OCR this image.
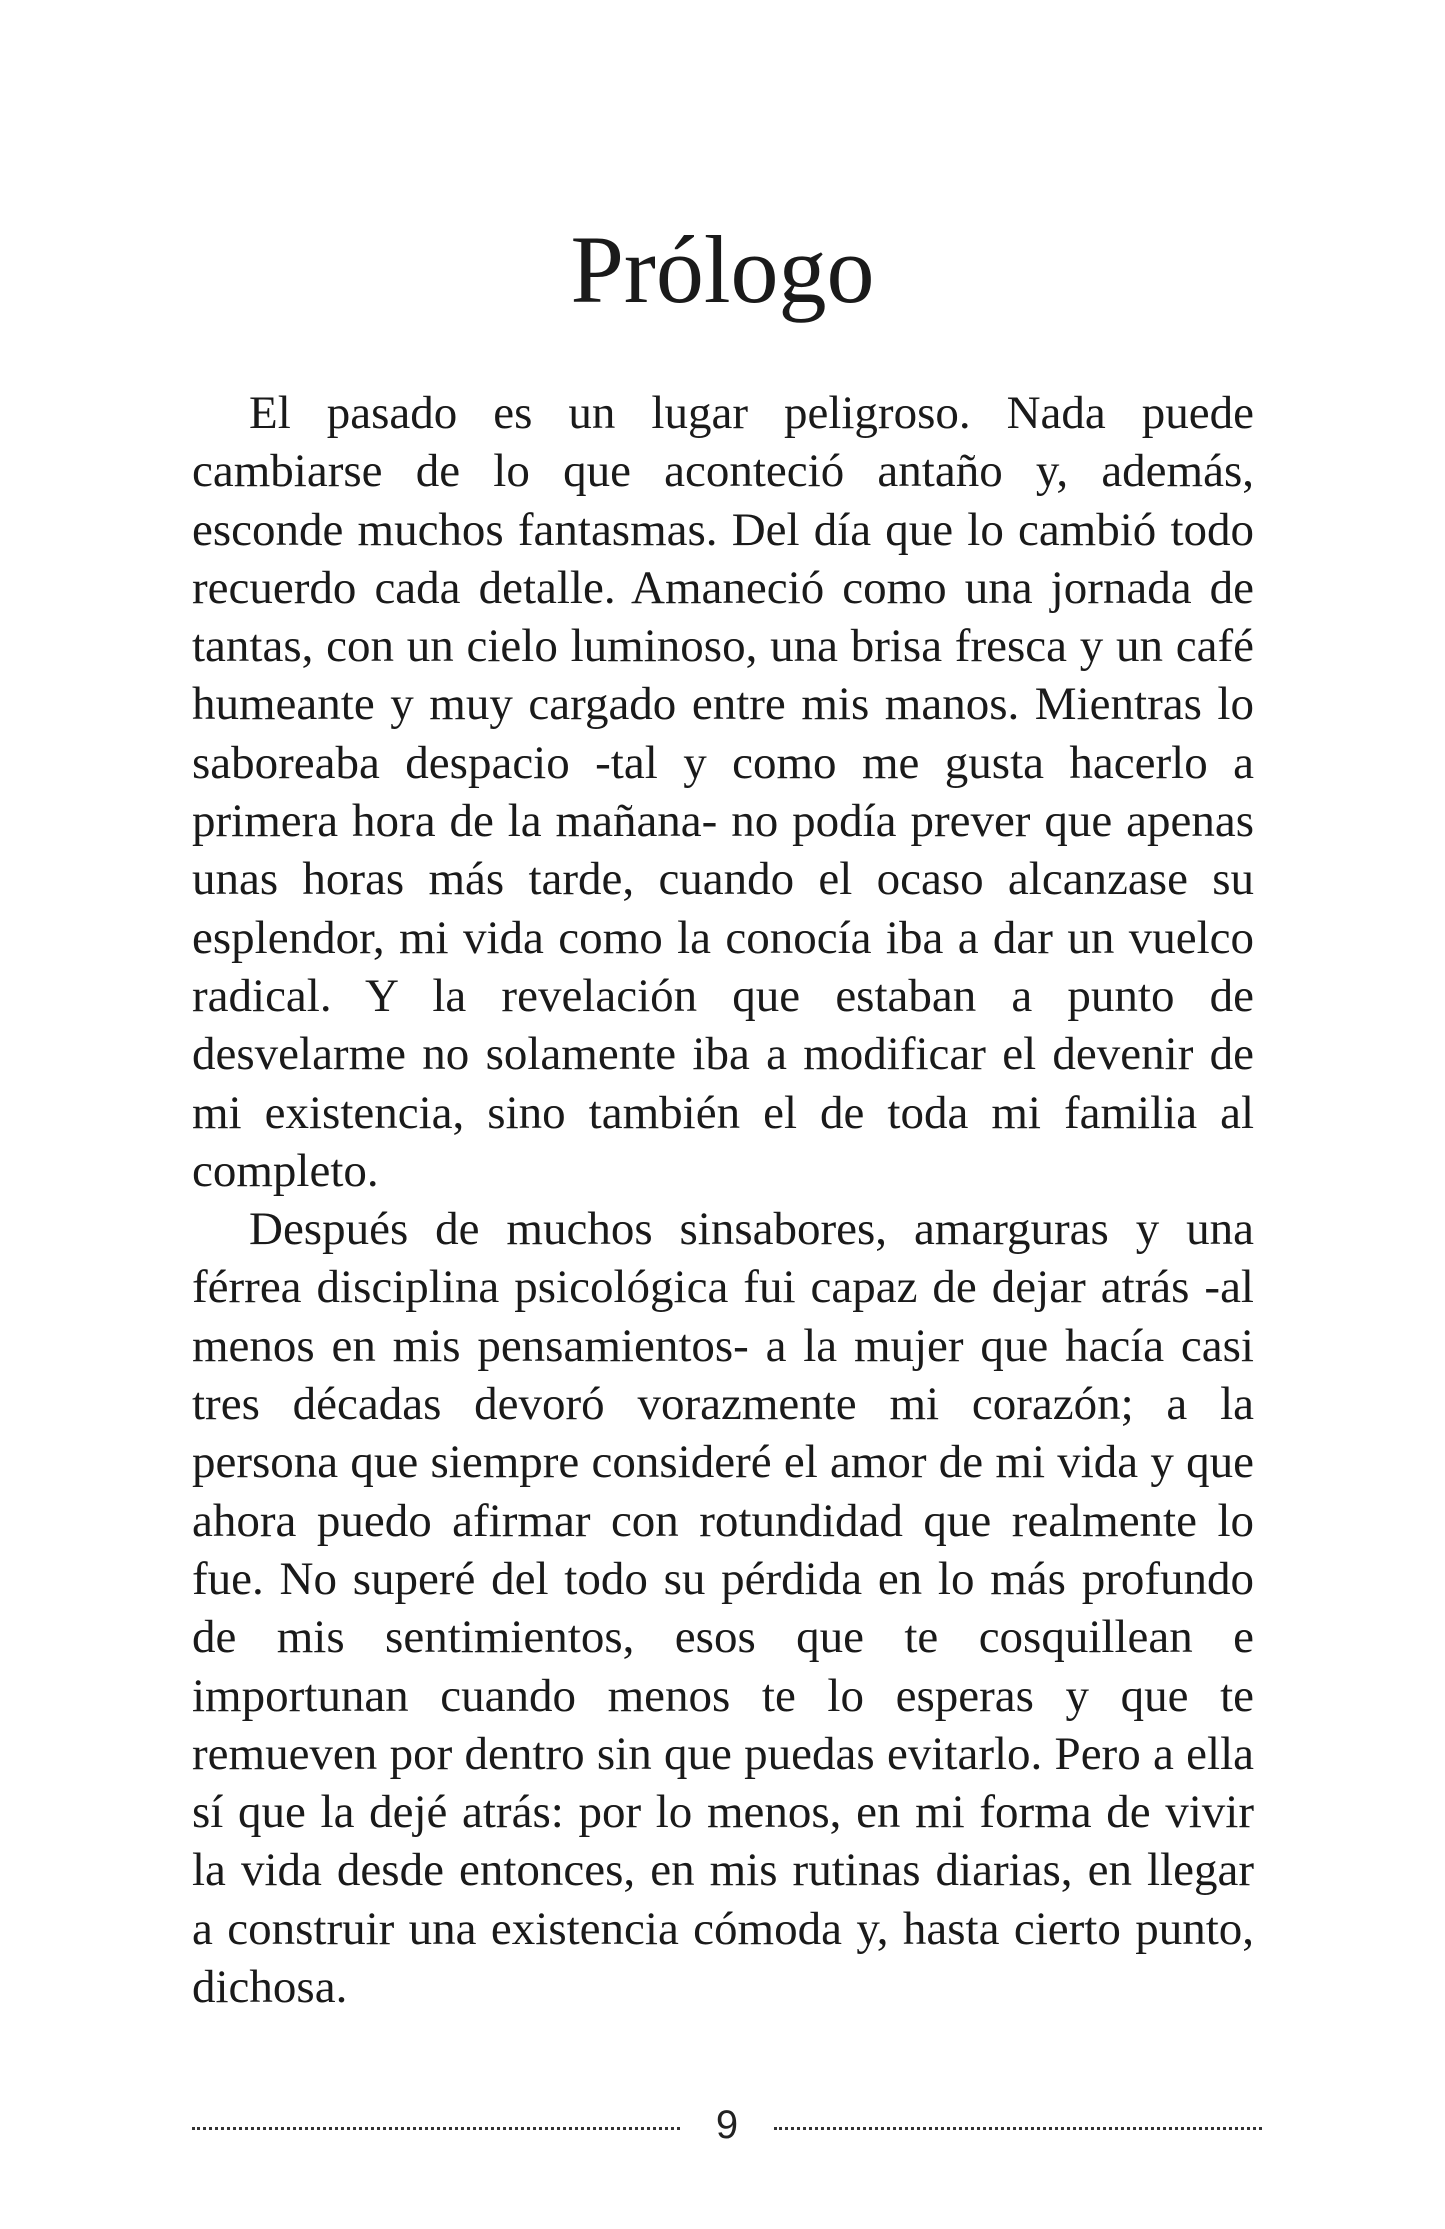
Prólogo

El pasado es un lugar peligroso. Nada puede cambiarse de lo que aconteció antaño y, además, esconde muchos fantasmas. Del día que lo cambió todo recuerdo cada detalle. Amaneció como una jornada de tantas, con un cielo luminoso, una brisa fresca y un café humeante y muy cargado entre mis manos. Mientras lo saboreaba despacio -tal y como me gusta hacerlo a primera hora de la mañana- no podía prever que apenas unas horas más tarde, cuando el ocaso alcanzase su esplendor, mi vida como la conocía iba a dar un vuelco radical. Y la revelación que estaban a punto de desvelarme no solamente iba a modificar el devenir de mi existencia, sino también el de toda mi familia al completo.

Después de muchos sinsabores, amarguras y una férrea disciplina psicológica fui capaz de dejar atrás -al menos en mis pensamientos- a la mujer que hacía casi tres décadas devoró vorazmente mi corazón; a la persona que siempre consideré el amor de mi vida y que ahora puedo afirmar con rotundidad que realmente lo fue. No superé del todo su pérdida en lo más profundo de mis sentimientos, esos que te cosquillean e importunan cuando menos te lo esperas y que te remueven por dentro sin que puedas evitarlo. Pero a ella sí que la dejé atrás: por lo menos, en mi forma de vivir la vida desde entonces, en mis rutinas diarias, en llegar a construir una existencia cómoda y, hasta cierto punto, dichosa.

9
